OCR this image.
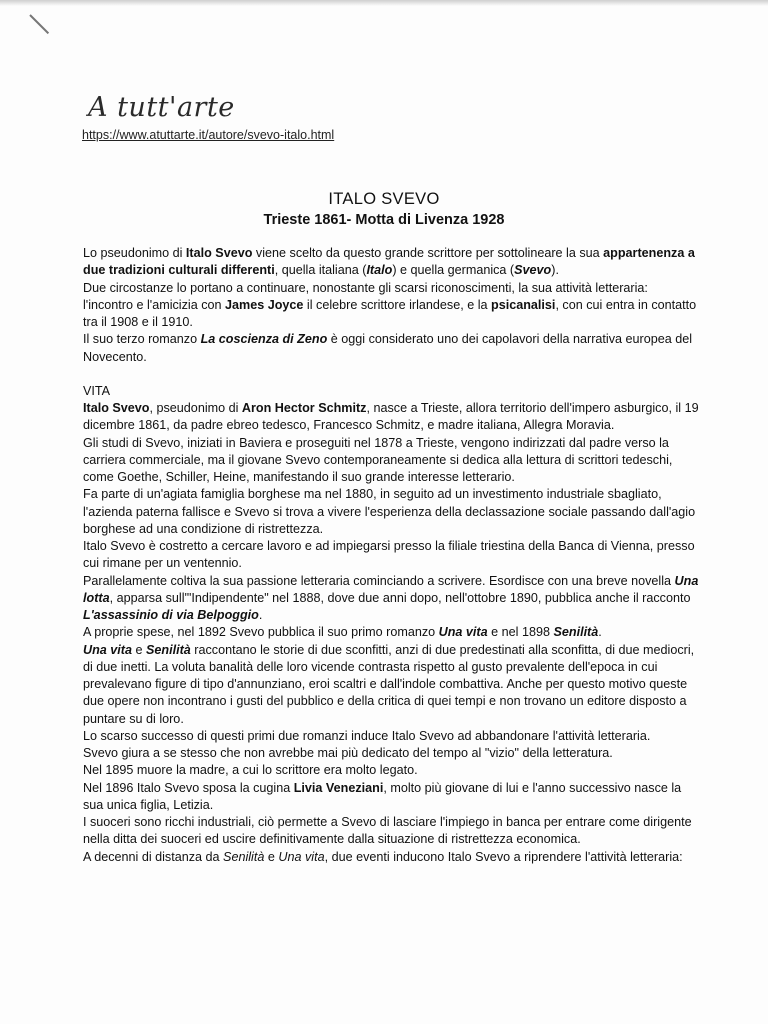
A tutt'arte
https://www.atuttarte.it/autore/svevo-italo.html
ITALO SVEVO
Trieste 1861- Motta di Livenza 1928

Lo pseudonimo di Italo Svevo viene scelto da questo grande scrittore per sottolineare la sua appartenenza a due tradizioni culturali differenti, quella italiana (Italo) e quella germanica (Svevo).

Due circostanze lo portano a continuare, nonostante gli scarsi riconoscimenti, la sua attività letteraria: l'incontro e l'amicizia con James Joyce il celebre scrittore irlandese, e la psicanalisi, con cui entra in contatto tra il 1908 e il 1910.

Il suo terzo romanzo La coscienza di Zeno è oggi considerato uno dei capolavori della narrativa europea del Novecento.

VITA

Italo Svevo, pseudonimo di Aron Hector Schmitz, nasce a Trieste, allora territorio dell'impero asburgico, il 19 dicembre 1861, da padre ebreo tedesco, Francesco Schmitz, e madre italiana, Allegra Moravia.

Gli studi di Svevo, iniziati in Baviera e proseguiti nel 1878 a Trieste, vengono indirizzati dal padre verso la carriera commerciale, ma il giovane Svevo contemporaneamente si dedica alla lettura di scrittori tedeschi, come Goethe, Schiller, Heine, manifestando il suo grande interesse letterario.

Fa parte di un'agiata famiglia borghese ma nel 1880, in seguito ad un investimento industriale sbagliato, l'azienda paterna fallisce e Svevo si trova a vivere l'esperienza della declassazione sociale passando dall'agio borghese ad una condizione di ristrettezza.

Italo Svevo è costretto a cercare lavoro e ad impiegarsi presso la filiale triestina della Banca di Vienna, presso cui rimane per un ventennio.

Parallelamente coltiva la sua passione letteraria cominciando a scrivere. Esordisce con una breve novella Una lotta, apparsa sull'"Indipendente" nel 1888, dove due anni dopo, nell'ottobre 1890, pubblica anche il racconto L'assassinio di via Belpoggio.

A proprie spese, nel 1892 Svevo pubblica il suo primo romanzo Una vita e nel 1898 Senilità.

Una vita e Senilità raccontano le storie di due sconfitti, anzi di due predestinati alla sconfitta, di due mediocri, di due inetti. La voluta banalità delle loro vicende contrasta rispetto al gusto prevalente dell'epoca in cui prevalevano figure di tipo d'annunziano, eroi scaltri e dall'indole combattiva. Anche per questo motivo queste due opere non incontrano i gusti del pubblico e della critica di quei tempi e non trovano un editore disposto a puntare su di loro.

Lo scarso successo di questi primi due romanzi induce Italo Svevo ad abbandonare l'attività letteraria.

Svevo giura a se stesso che non avrebbe mai più dedicato del tempo al "vizio" della letteratura.

Nel 1895 muore la madre, a cui lo scrittore era molto legato.

Nel 1896 Italo Svevo sposa la cugina Livia Veneziani, molto più giovane di lui e l'anno successivo nasce la sua unica figlia, Letizia.

I suoceri sono ricchi industriali, ciò permette a Svevo di lasciare l'impiego in banca per entrare come dirigente nella ditta dei suoceri ed uscire definitivamente dalla situazione di ristrettezza economica.

A decenni di distanza da Senilità e Una vita, due eventi inducono Italo Svevo a riprendere l'attività letteraria:
